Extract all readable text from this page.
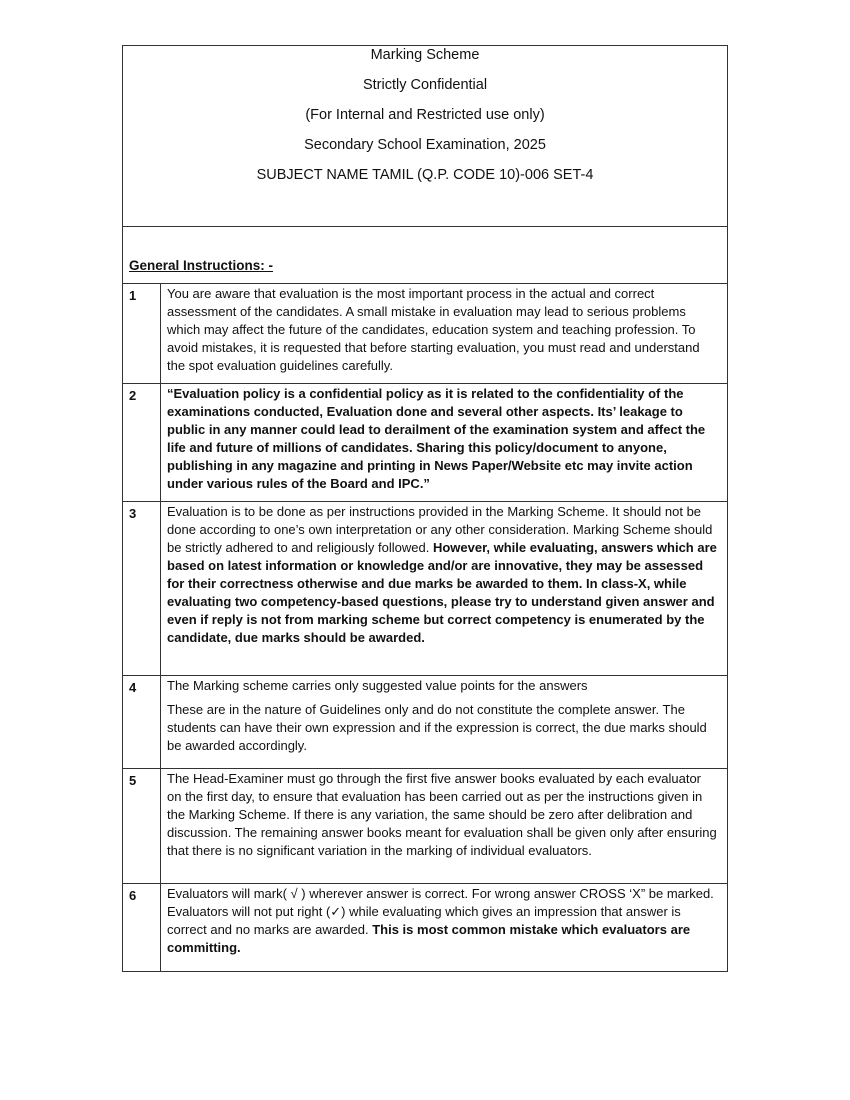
Marking Scheme
Strictly Confidential
(For Internal and Restricted use only)
Secondary School Examination, 2025
SUBJECT NAME TAMIL (Q.P. CODE 10)-006 SET-4	

General Instructions: -	

1	You are aware that evaluation is the most important process in the actual and correct assessment of the candidates. A small mistake in evaluation may lead to serious problems which may affect the future of the candidates, education system and teaching profession. To avoid mistakes, it is requested that before starting evaluation, you must read and understand the spot evaluation guidelines carefully.

2	“Evaluation policy is a confidential policy as it is related to the confidentiality of the examinations conducted, Evaluation done and several other aspects. Its’ leakage to public in any manner could lead to derailment of the examination system and affect the life and future of millions of candidates. Sharing this policy/document to anyone, publishing in any magazine and printing in News Paper/Website etc may invite action under various rules of the Board and IPC.”

3	Evaluation is to be done as per instructions provided in the Marking Scheme. It should not be done according to one’s own interpretation or any other consideration. Marking Scheme should be strictly adhered to and religiously followed. However, while evaluating, answers which are based on latest information or knowledge and/or are innovative, they may be assessed for their correctness otherwise and due marks be awarded to them. In class-X, while evaluating two competency-based questions, please try to understand given answer and even if reply is not from marking scheme but correct competency is enumerated by the candidate, due marks should be awarded.

4	The Marking scheme carries only suggested value points for the answers

These are in the nature of Guidelines only and do not constitute the complete answer. The students can have their own expression and if the expression is correct, the due marks should be awarded accordingly.

5	The Head-Examiner must go through the first five answer books evaluated by each evaluator on the first day, to ensure that evaluation has been carried out as per the instructions given in the Marking Scheme. If there is any variation, the same should be zero after delibration and discussion. The remaining answer books meant for evaluation shall be given only after ensuring that there is no significant variation in the marking of individual evaluators.

6	Evaluators will mark( √ ) wherever answer is correct. For wrong answer CROSS ‘X” be marked. Evaluators will not put right (✓) while evaluating which gives an impression that answer is correct and no marks are awarded. This is most common mistake which evaluators are committing.
